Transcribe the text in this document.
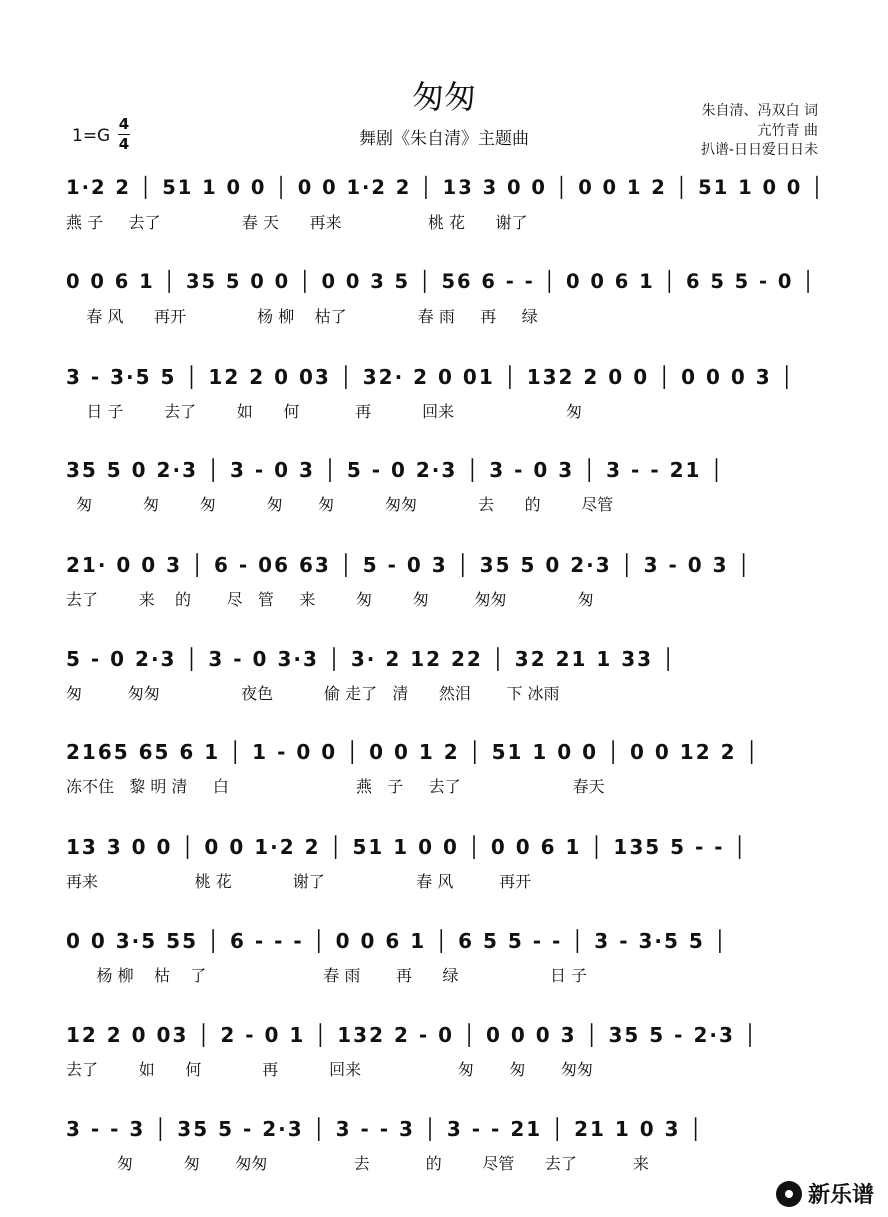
匆匆
舞剧《朱自清》主题曲
1=G
4
4
朱自清、冯双白 词
亢竹青 曲
扒谱-日日爱日日未
1·2 2 │ 51 1 0 0 │ 0 0 1·2 2 │ 13 3 0 0 │ 0 0 1 2 │ 51 1 0 0 │
燕 子     去了                春 天      再来                 桃 花      谢了
0 0 6 1 │ 35 5 0 0 │ 0 0 3 5 │ 56 6 - - │ 0 0 6 1 │ 6 5 5 - 0 │
春 风      再开              杨 柳    枯了              春 雨     再     绿
3 - 3·5 5 │ 12 2 0 03 │ 32· 2 0 01 │ 132 2 0 0 │ 0 0 0 3 │
日 子        去了        如      何           再          回来                      匆
35 5 0 2·3 │ 3 - 0 3 │ 5 - 0 2·3 │ 3 - 0 3 │ 3 - - 21 │
匆          匆        匆          匆       匆          匆匆            去      的        尽管
21· 0 0 3 │ 6 - 06 63 │ 5 - 0 3 │ 35 5 0 2·3 │ 3 - 0 3 │
去了        来    的       尽   管     来        匆        匆         匆匆              匆
5 - 0 2·3 │ 3 - 0 3·3 │ 3· 2 12 22 │ 32 21 1 33 │
匆         匆匆                夜色          偷 走了   清      然泪       下 冰雨
2165 65 6 1 │ 1 - 0 0 │ 0 0 1 2 │ 51 1 0 0 │ 0 0 12 2 │
冻不住   黎 明 清     白                         燕   子     去了                      春天
13 3 0 0 │ 0 0 1·2 2 │ 51 1 0 0 │ 0 0 6 1 │ 135 5 - - │
再来                   桃 花            谢了                  春 风         再开
0 0 3·5 55 │ 6 - - - │ 0 0 6 1 │ 6 5 5 - - │ 3 - 3·5 5 │
杨 柳    枯    了                       春 雨       再      绿                  日 子
12 2 0 03 │ 2 - 0 1 │ 132 2 - 0 │ 0 0 0 3 │ 35 5 - 2·3 │
去了        如      何            再          回来                   匆       匆       匆匆
3 - - 3 │ 35 5 - 2·3 │ 3 - - 3 │ 3 - - 21 │ 21 1 0 3 │
匆          匆       匆匆                 去           的        尽管      去了           来
新乐谱
